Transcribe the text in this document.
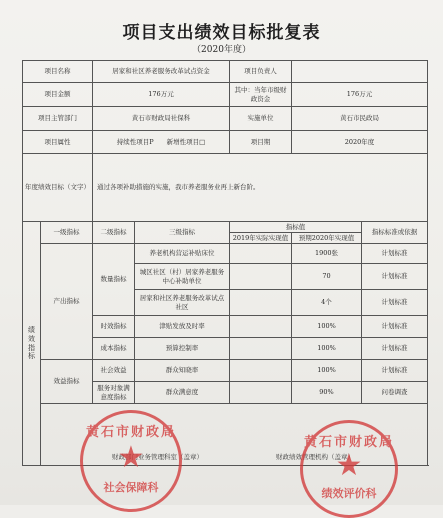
项目支出绩效目标批复表
（2020年度）
项目名称		居家和社区养老服务改革试点资金		项目负责人		
项目金额		176万元		其中：当年市级财政资金	176万元	
项目主管部门		黄石市财政局社保科		实施单位	黄石市民政局	
项目属性		持续性项目P　　新增性项目□		项目期	2020年度	
年度绩效目标（文字）		通过各项补助措施的实施，我市养老服务业再上新台阶。				
绩效指标	一级指标	二级指标	三级指标	指标值		指标标准或依据
				2019年实际实现值	预期2020年实现值	
	产出指标	数量指标	养老机构营运补贴床位		1900张	计划标准
			城区社区（村）居家养老服务中心补助单位		70	计划标准
			居家和社区养老服务改革试点社区		4个	计划标准
		时效指标	津贴发放及时率		100%	计划标准
		成本指标	预算控制率		100%	计划标准
	效益指标	社会效益	群众知晓率		100%	计划标准
		服务对象满意度指标	群众满意度		90%	问卷调查

财政部门业务管理科室（盖章）	财政绩效管理机构（盖章）
黄石市财政局
★
社会保障科
黄石市财政局
★
绩效评价科
